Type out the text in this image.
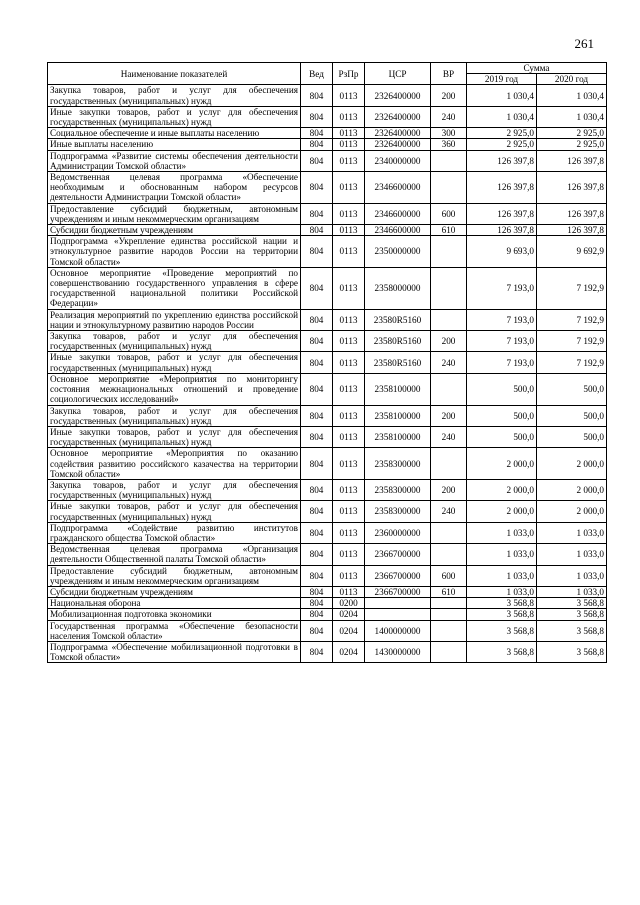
261
Наименование показателей	Вед	РзПр	ЦСР	ВР	Сумма	
					2019 год	2020 год
Закупка товаров, работ и услуг для обеспечения государственных (муниципальных) нужд	804	0113	2326400000	200	1 030,4	1 030,4
Иные закупки товаров, работ и услуг для обеспечения государственных (муниципальных) нужд	804	0113	2326400000	240	1 030,4	1 030,4
Социальное обеспечение и иные выплаты населению	804	0113	2326400000	300	2 925,0	2 925,0
Иные выплаты населению	804	0113	2326400000	360	2 925,0	2 925,0
Подпрограмма «Развитие системы обеспечения деятельности Администрации Томской области»	804	0113	2340000000		126 397,8	126 397,8
Ведомственная целевая программа «Обеспечение необходимым и обоснованным набором ресурсов деятельности Администрации Томской области»	804	0113	2346600000		126 397,8	126 397,8
Предоставление субсидий бюджетным, автономным учреждениям и иным некоммерческим организациям	804	0113	2346600000	600	126 397,8	126 397,8
Субсидии бюджетным учреждениям	804	0113	2346600000	610	126 397,8	126 397,8
Подпрограмма «Укрепление единства российской нации и этнокультурное развитие народов России на территории Томской области»	804	0113	2350000000		9 693,0	9 692,9
Основное мероприятие «Проведение мероприятий по совершенствованию государственного управления в сфере государственной национальной политики Российской Федерации»	804	0113	2358000000		7 193,0	7 192,9
Реализация мероприятий по укреплению единства российской нации и этнокультурному развитию народов России	804	0113	23580R5160		7 193,0	7 192,9
Закупка товаров, работ и услуг для обеспечения государственных (муниципальных) нужд	804	0113	23580R5160	200	7 193,0	7 192,9
Иные закупки товаров, работ и услуг для обеспечения государственных (муниципальных) нужд	804	0113	23580R5160	240	7 193,0	7 192,9
Основное мероприятие «Мероприятия по мониторингу состояния межнациональных отношений и проведение социологических исследований»	804	0113	2358100000		500,0	500,0
Закупка товаров, работ и услуг для обеспечения государственных (муниципальных) нужд	804	0113	2358100000	200	500,0	500,0
Иные закупки товаров, работ и услуг для обеспечения государственных (муниципальных) нужд	804	0113	2358100000	240	500,0	500,0
Основное мероприятие «Мероприятия по оказанию содействия развитию российского казачества на территории Томской области»	804	0113	2358300000		2 000,0	2 000,0
Закупка товаров, работ и услуг для обеспечения государственных (муниципальных) нужд	804	0113	2358300000	200	2 000,0	2 000,0
Иные закупки товаров, работ и услуг для обеспечения государственных (муниципальных) нужд	804	0113	2358300000	240	2 000,0	2 000,0
Подпрограмма «Содействие развитию институтов гражданского общества Томской области»	804	0113	2360000000		1 033,0	1 033,0
Ведомственная целевая программа «Организация деятельности Общественной палаты Томской области»	804	0113	2366700000		1 033,0	1 033,0
Предоставление субсидий бюджетным, автономным учреждениям и иным некоммерческим организациям	804	0113	2366700000	600	1 033,0	1 033,0
Субсидии бюджетным учреждениям	804	0113	2366700000	610	1 033,0	1 033,0
Национальная оборона	804	0200			3 568,8	3 568,8
Мобилизационная подготовка экономики	804	0204			3 568,8	3 568,8
Государственная программа «Обеспечение безопасности населения Томской области»	804	0204	1400000000		3 568,8	3 568,8
Подпрограмма «Обеспечение мобилизационной подготовки в Томской области»	804	0204	1430000000		3 568,8	3 568,8
